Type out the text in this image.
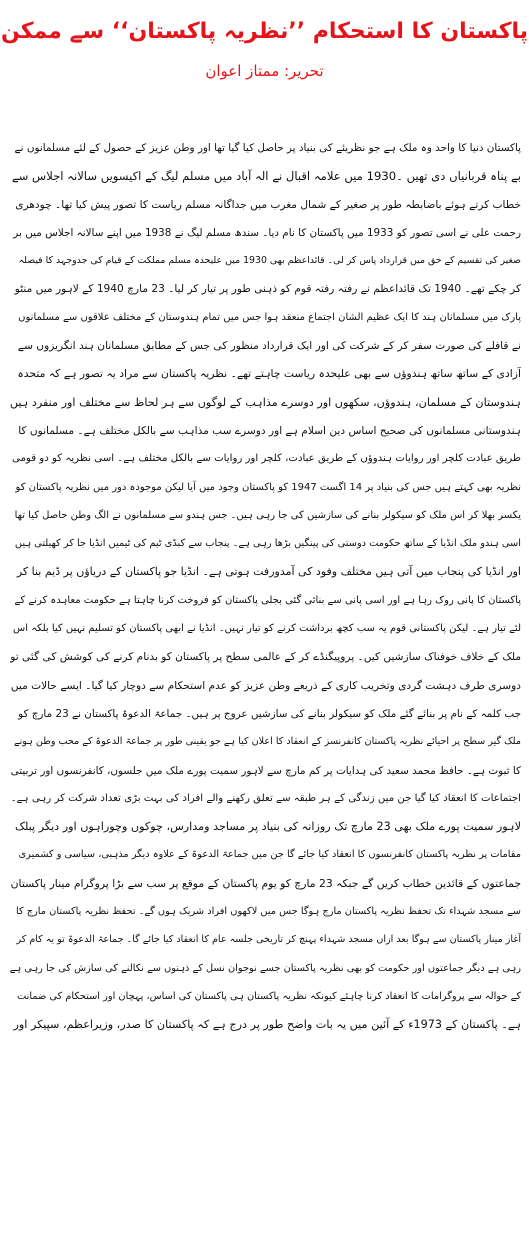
پاکستان کا استحکام ’’نظریہ پاکستان‘‘ سے ممکن
تحریر: ممتاز اعوان
پاکستان دنیا کا واحد وہ ملک ہے جو نظریئے کی بنیاد پر حاصل کیا گیا تھا اور وطن عزیز کے حصول کے لئے مسلمانوں نے
بے پناہ قربانیاں دی تھیں ۔1930 میں علامہ اقبال نے الہ آباد میں مسلم لیگ کے اکیسویں سالانہ اجلاس سے
خطاب کرتے ہوئے باضابطہ طور پر صغیر کے شمال مغرب میں جداگانہ مسلم ریاست کا تصور پیش کیا تھا۔ چودھری
رحمت علی نے اسی تصور کو 1933 میں پاکستان کا نام دیا۔ سندھ مسلم لیگ نے 1938 میں اپنے سالانہ اجلاس میں بر
صغیر کی تقسیم کے حق میں قرارداد پاس کر لی۔ قائداعظم بھی 1930 میں علیحدہ مسلم مملکت کے قیام کی جدوجہد کا فیصلہ
کر چکے تھے۔ 1940 تک قائداعظم نے رفتہ رفتہ قوم کو ذہنی طور پر تیار کر لیا۔ 23 مارچ 1940 کے لاہور میں منٹو
پارک میں مسلمانان ہند کا ایک عظیم الشان اجتماع منعقد ہوا جس میں تمام ہندوستان کے مختلف علاقوں سے مسلمانوں
نے قافلے کی صورت سفر کر کے شرکت کی اور ایک قرارداد منظور کی جس کے مطابق مسلمانان ہند انگریزوں سے
آزادی کے ساتھ ساتھ ہندوؤں سے بھی علیحدہ ریاست چاہتے تھے۔ نظریہ پاکستان سے مراد یہ تصور ہے کہ متحدہ
ہندوستان کے مسلمان، ہندوؤں، سکھوں اور دوسرے مذاہب کے لوگوں سے ہر لحاظ سے مختلف اور منفرد ہیں
ہندوستانی مسلمانوں کی صحیح اساس دین اسلام ہے اور دوسرے سب مذاہب سے بالکل مختلف ہے۔ مسلمانوں کا
طریق عبادت کلچر اور روایات ہندوؤں کے طریق عبادت، کلچر اور روایات سے بالکل مختلف ہے۔ اسی نظریہ کو دو قومی
نظریہ بھی کہتے ہیں جس کی بنیاد پر 14 اگست 1947 کو پاکستان وجود میں آیا لیکن موجودہ دور میں نظریہ پاکستان کو
یکسر بھلا کر اس ملک کو سیکولر بنانے کی سازشیں کی جا رہی ہیں۔ جس ہندو سے مسلمانوں نے الگ وطن حاصل کیا تھا
اسی ہندو ملک انڈیا کے ساتھ حکومت دوستی کی پینگیں بڑھا رہی ہے۔ پنجاب سے کبڈی ٹیم کی ٹیمیں انڈیا جا کر کھیلتی ہیں
اور انڈیا کی پنجاب میں آتی ہیں مختلف وفود کی آمدورفت ہوتی ہے۔ انڈیا جو پاکستان کے دریاؤں پر ڈیم بنا کر
پاکستان کا پانی روک رہا ہے اور اسی پانی سے بنائی گئی بجلی پاکستان کو فروخت کرنا چاہتا ہے حکومت معاہدہ کرنے کے
لئے تیار ہے۔ لیکن پاکستانی قوم یہ سب کچھ برداشت کرنے کو تیار نہیں۔ انڈیا نے ابھی پاکستان کو تسلیم نہیں کیا بلکہ اس
ملک کے خلاف خوفناک سازشیں کیں۔ پروپیگنڈے کر کے عالمی سطح پر پاکستان کو بدنام کرنے کی کوشش کی گئی تو
دوسری طرف دہشت گردی وتخریب کاری کے ذریعے وطن عزیز کو عدم استحکام سے دوچار کیا گیا۔ ایسے حالات میں
جب کلمہ کے نام پر بنائے گئے ملک کو سیکولر بنانے کی سازشیں عروج پر ہیں۔ جماعۃ الدعوۃ پاکستان نے 23 مارچ کو
ملک گیر سطح پر احیائے نظریہ پاکستان کانفرنسز کے انعقاد کا اعلان کیا ہے جو یقینی طور پر جماعۃ الدعوۃ کے محب وطن ہونے
کا ثبوت ہے۔ حافظ محمد سعید کی ہدایات پر کم مارچ سے لاہور سمیت پورے ملک میں جلسوں، کانفرنسوں اور تربیتی
اجتماعات کا انعقاد کیا گیا جن میں زندگی کے ہر طبقہ سے تعلق رکھنے والے افراد کی بہت بڑی تعداد شرکت کر رہی ہے۔
لاہور سمیت پورے ملک بھی 23 مارچ تک روزانہ کی بنیاد پر مساجد ومدارس، چوکوں وچوراہوں اور دیگر پبلک
مقامات پر نظریہ پاکستان کانفرنسوں کا انعقاد کیا جائے گا جن میں جماعۃ الدعوۃ کے علاوہ دیگر مذہبی، سیاسی و کشمیری
جماعتوں کے قائدین خطاب کریں گے جبکہ 23 مارچ کو یوم پاکستان کے موقع پر سب سے بڑا پروگرام مینار پاکستان
سے مسجد شہداء تک تحفظ نظریہ پاکستان مارچ ہوگا جس میں لاکھوں افراد شریک ہوں گے۔ تحفظ نظریہ پاکستان مارچ کا
آغاز مینار پاکستان سے ہوگا بعد ازاں مسجد شہداء پہنچ کر تاریخی جلسہ عام کا انعقاد کیا جائے گا۔ جماعۃ الدعوۃ تو یہ کام کر
رہی ہے دیگر جماعتوں اور حکومت کو بھی نظریہ پاکستان جسے نوجوان نسل کے ذہنوں سے نکالنے کی سازش کی جا رہی ہے
کے حوالہ سے پروگرامات کا انعقاد کرنا چاہئے کیونکہ نظریہ پاکستان ہی پاکستان کی اساس، پہچان اور استحکام کی ضمانت
ہے۔ پاکستان کے 1973ء کے آئین میں یہ بات واضح طور پر درج ہے کہ پاکستان کا صدر، وزیراعظم، سپیکر اور
